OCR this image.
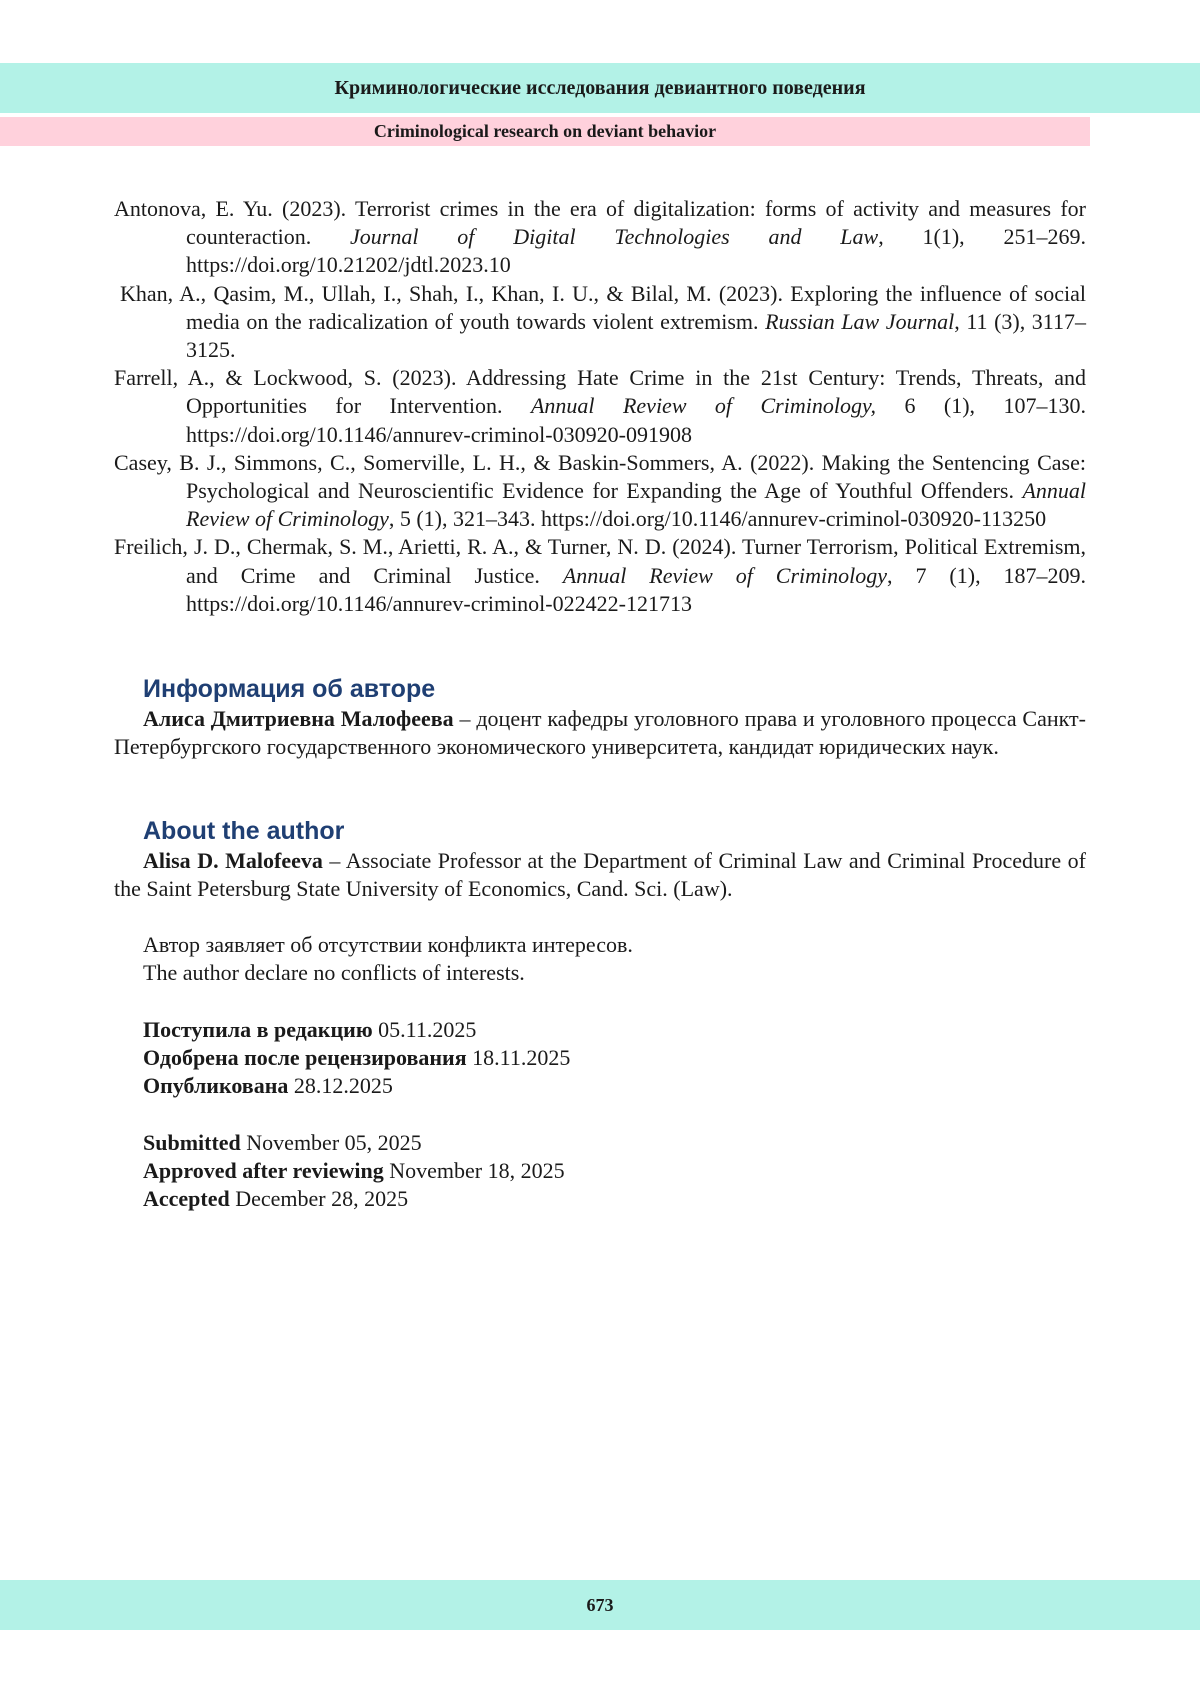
Криминологические исследования девиантного поведения
Criminological research on deviant behavior

Antonova, E. Yu. (2023). Terrorist crimes in the era of digitalization: forms of activity and measures for counteraction. Journal of Digital Technologies and Law, 1(1), 251–269. https://doi.org/10.21202/jdtl.2023.10

Khan, A., Qasim, M., Ullah, I., Shah, I., Khan, I. U., & Bilal, M. (2023). Exploring the influence of social media on the radicalization of youth towards violent extremism. Russian Law Journal, 11 (3), 3117–3125.

Farrell, A., & Lockwood, S. (2023). Addressing Hate Crime in the 21st Century: Trends, Threats, and Opportunities for Intervention. Annual Review of Criminology, 6 (1), 107–130. https://doi.org/10.1146/annurev-criminol-030920-091908

Casey, B. J., Simmons, C., Somerville, L. H., & Baskin-Sommers, A. (2022). Making the Sentencing Case: Psychological and Neuroscientific Evidence for Expanding the Age of Youthful Offenders. Annual Review of Criminology, 5 (1), 321–343. https://doi.org/10.1146/annurev-criminol-030920-113250

Freilich, J. D., Chermak, S. M., Arietti, R. A., & Turner, N. D. (2024). Turner Terrorism, Political Extremism, and Crime and Criminal Justice. Annual Review of Criminology, 7 (1), 187–209. https://doi.org/10.1146/annurev-criminol-022422-121713

Информация об авторе

Алиса Дмитриевна Малофеева – доцент кафедры уголовного права и уголовного процесса Санкт-Петербургского государственного экономического университета, кандидат юридических наук.

About the author

Alisa D. Malofeeva – Associate Professor at the Department of Criminal Law and Criminal Procedure of the Saint Petersburg State University of Economics, Cand. Sci. (Law).

Автор заявляет об отсутствии конфликта интересов.
The author declare no conflicts of interests.
Поступила в редакцию 05.11.2025
Одобрена после рецензирования 18.11.2025
Опубликована 28.12.2025
Submitted November 05, 2025
Approved after reviewing November 18, 2025
Accepted December 28, 2025
673
